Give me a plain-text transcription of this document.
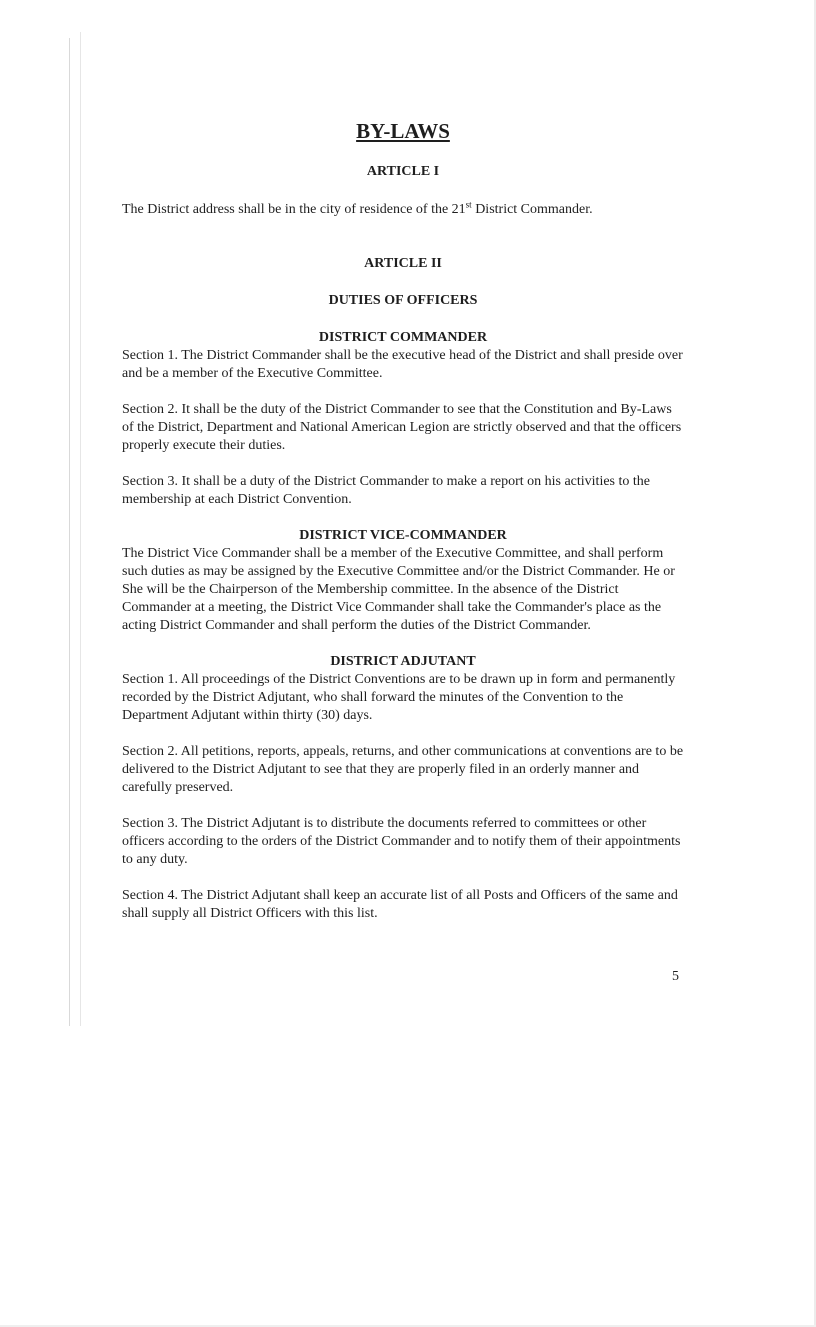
BY-LAWS
ARTICLE I

The District address shall be in the city of residence of the 21st District Commander.

ARTICLE II
DUTIES OF OFFICERS
DISTRICT COMMANDER

Section 1. The District Commander shall be the executive head of the District and shall preside over and be a member of the Executive Committee.

Section 2. It shall be the duty of the District Commander to see that the Constitution and By-Laws of the District, Department and National American Legion are strictly observed and that the officers properly execute their duties.

Section 3. It shall be a duty of the District Commander to make a report on his activities to the membership at each District Convention.

DISTRICT VICE-COMMANDER

The District Vice Commander shall be a member of the Executive Committee, and shall perform such duties as may be assigned by the Executive Committee and/or the District Commander. He or She will be the Chairperson of the Membership committee. In the absence of the District Commander at a meeting, the District Vice Commander shall take the Commander's place as the acting District Commander and shall perform the duties of the District Commander.

DISTRICT ADJUTANT

Section 1. All proceedings of the District Conventions are to be drawn up in form and permanently recorded by the District Adjutant, who shall forward the minutes of the Convention to the Department Adjutant within thirty (30) days.

Section 2. All petitions, reports, appeals, returns, and other communications at conventions are to be delivered to the District Adjutant to see that they are properly filed in an orderly manner and carefully preserved.

Section 3. The District Adjutant is to distribute the documents referred to committees or other officers according to the orders of the District Commander and to notify them of their appointments to any duty.

Section 4. The District Adjutant shall keep an accurate list of all Posts and Officers of the same and shall supply all District Officers with this list.

5
